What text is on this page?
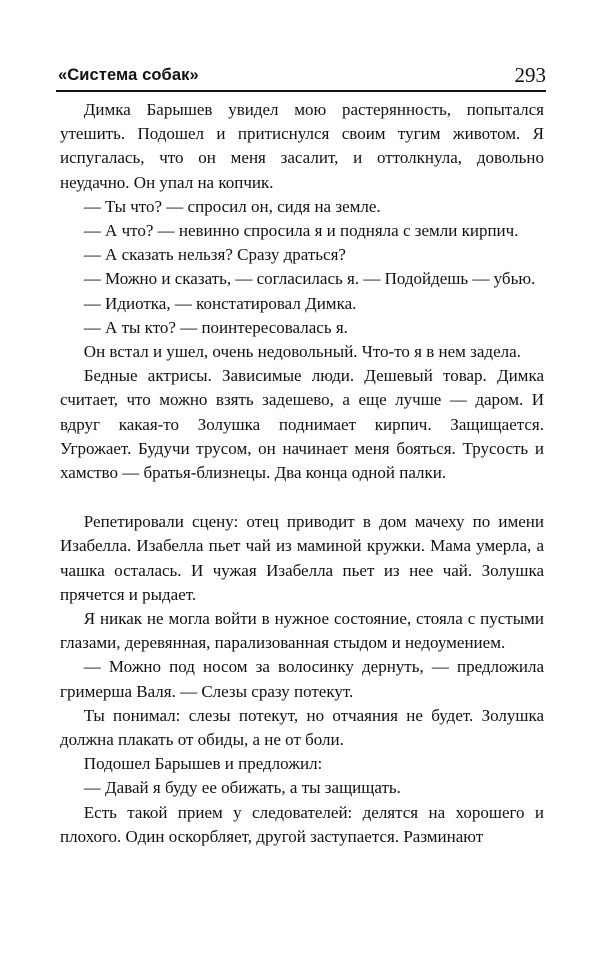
«Система собак»	293

Димка Барышев увидел мою растерянность, попытался утешить. Подошел и притиснулся своим тугим животом. Я испугалась, что он меня засалит, и оттолкнула, довольно неудачно. Он упал на копчик.

— Ты что? — спросил он, сидя на земле.

— А что? — невинно спросила я и подняла с земли кирпич.

— А сказать нельзя? Сразу драться?

— Можно и сказать, — согласилась я. — Подойдешь — убью.

— Идиотка, — констатировал Димка.

— А ты кто? — поинтересовалась я.

Он встал и ушел, очень недовольный. Что-то я в нем задела.

Бедные актрисы. Зависимые люди. Дешевый товар. Димка считает, что можно взять задешево, а еще лучше — даром. И вдруг какая-то Золушка поднимает кирпич. Защищается. Угрожает. Будучи трусом, он начинает меня бояться. Трусость и хамство — братья-близнецы. Два конца одной палки.

Репетировали сцену: отец приводит в дом мачеху по имени Изабелла. Изабелла пьет чай из маминой кружки. Мама умерла, а чашка осталась. И чужая Изабелла пьет из нее чай. Золушка прячется и рыдает.

Я никак не могла войти в нужное состояние, стояла с пустыми глазами, деревянная, парализованная стыдом и недоумением.

— Можно под носом за волосинку дернуть, — предложила гримерша Валя. — Слезы сразу потекут.

Ты понимал: слезы потекут, но отчаяния не будет. Золушка должна плакать от обиды, а не от боли.

Подошел Барышев и предложил:

— Давай я буду ее обижать, а ты защищать.

Есть такой прием у следователей: делятся на хорошего и плохого. Один оскорбляет, другой заступается. Разминают
